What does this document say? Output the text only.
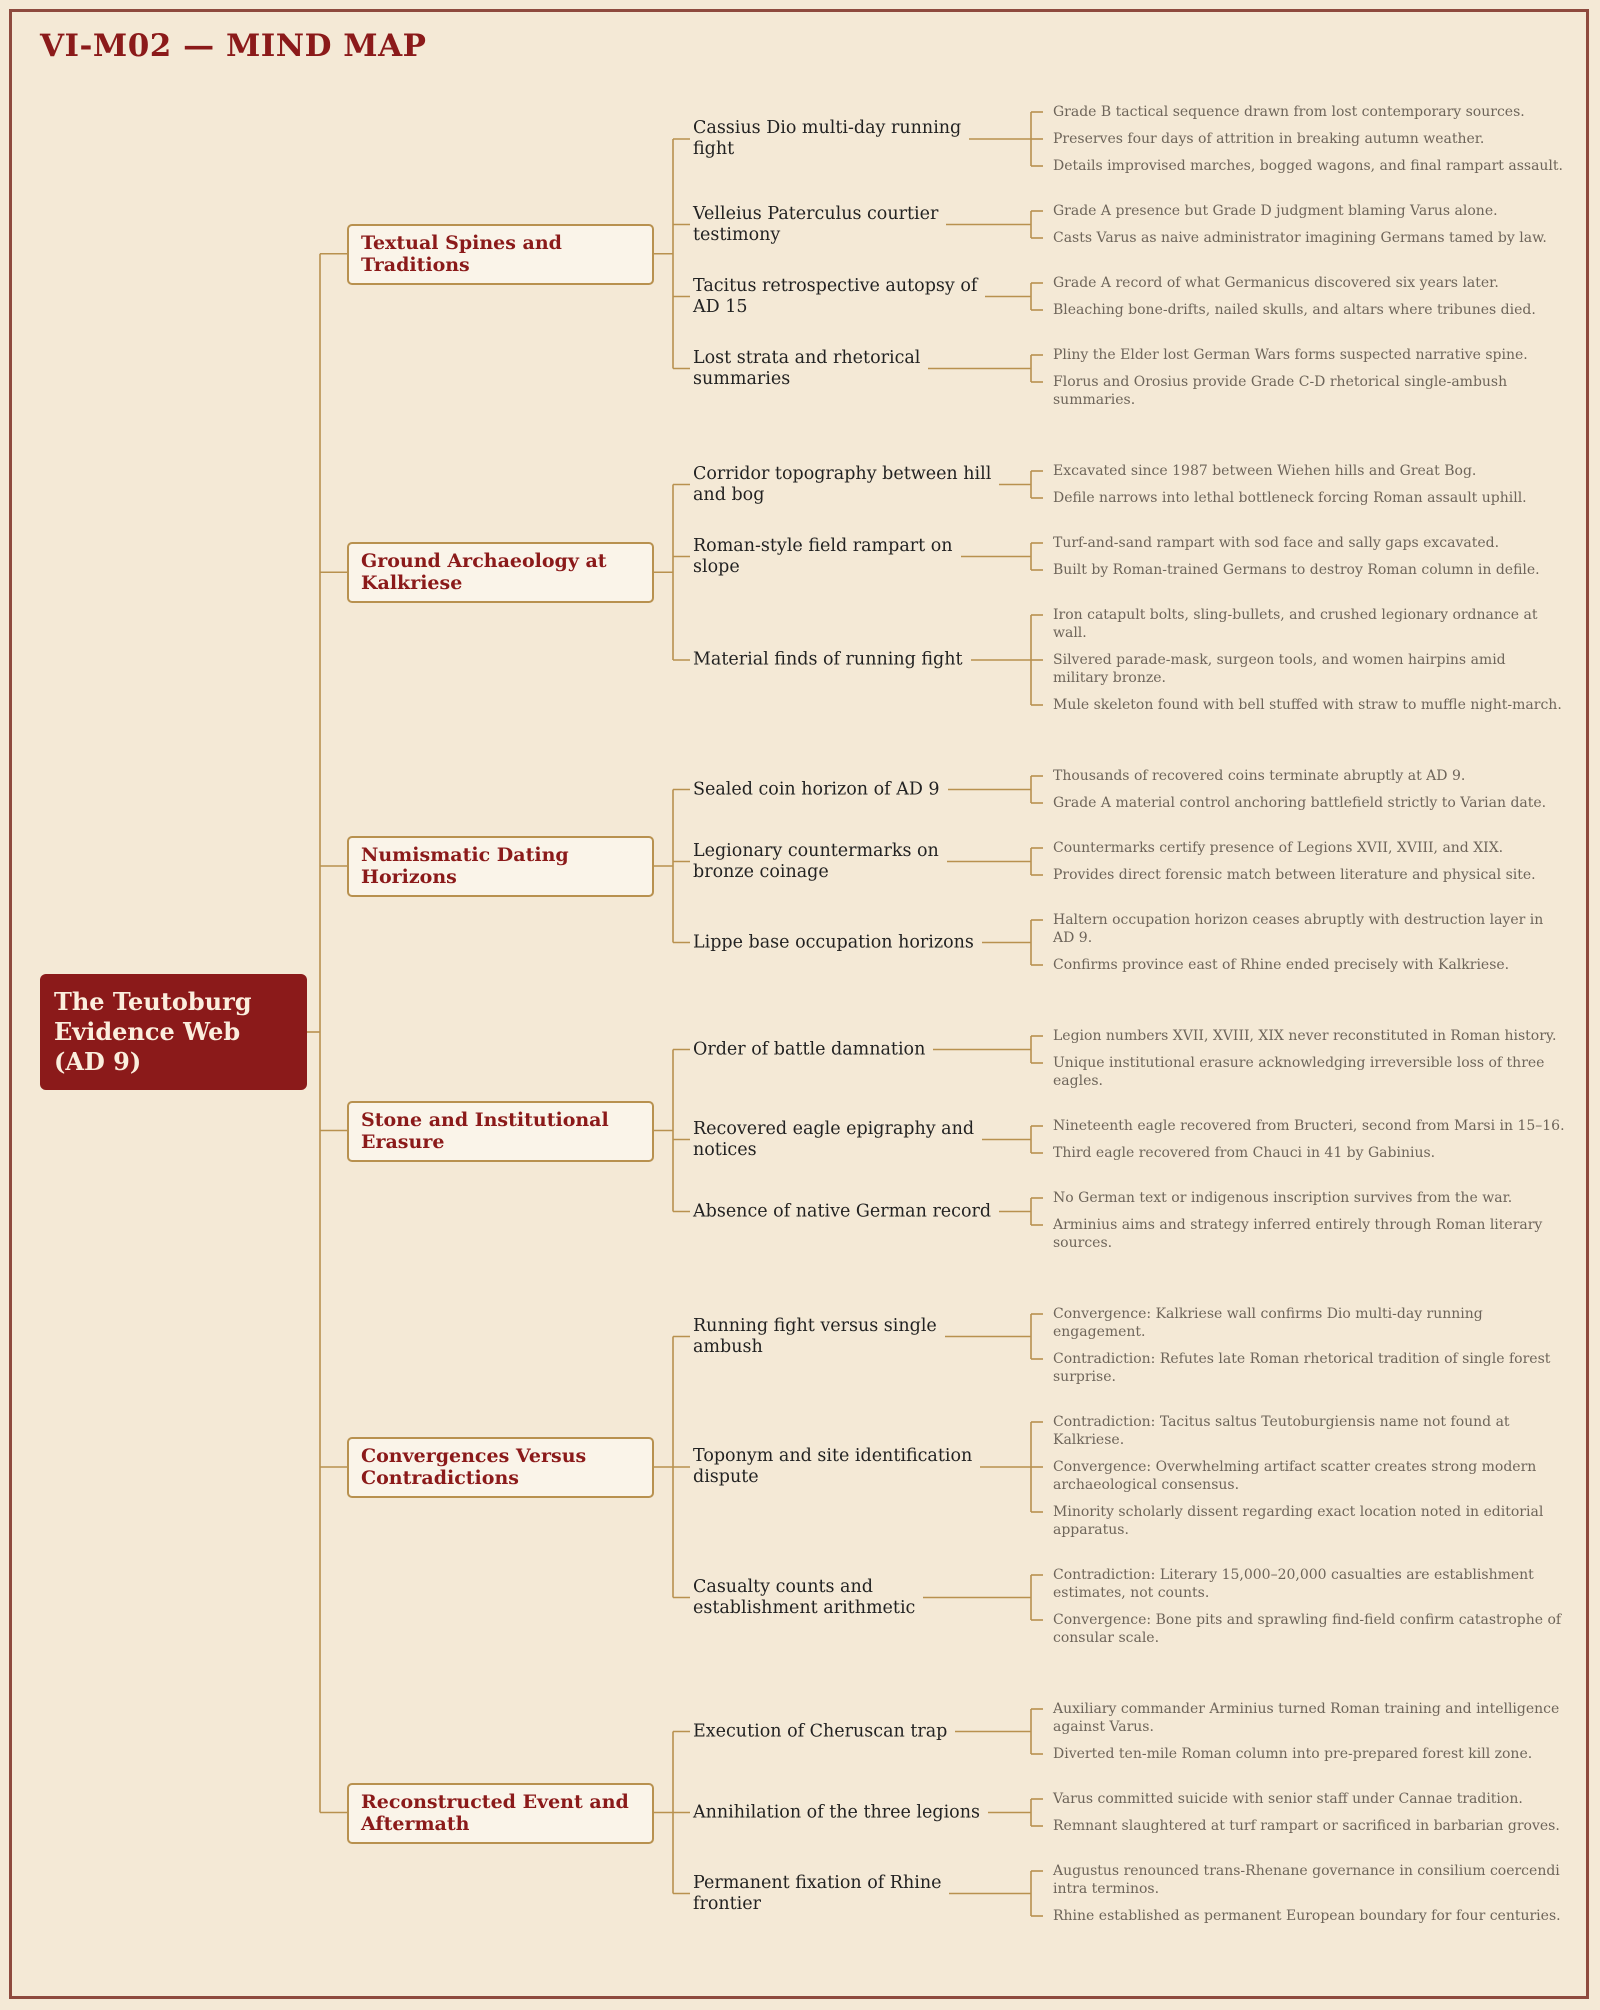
VI-M02 — MIND MAP
The Teutoburg
Evidence Web
(AD 9)
Grade B tactical sequence drawn from lost contemporary sources.
Preserves four days of attrition in breaking autumn weather.
Details improvised marches, bogged wagons, and final rampart assault.
Cassius Dio multi-day running
fight
Grade A presence but Grade D judgment blaming Varus alone.
Casts Varus as naive administrator imagining Germans tamed by law.
Velleius Paterculus courtier
testimony
Grade A record of what Germanicus discovered six years later.
Bleaching bone-drifts, nailed skulls, and altars where tribunes died.
Tacitus retrospective autopsy of
AD 15
Pliny the Elder lost German Wars forms suspected narrative spine.
Florus and Orosius provide Grade C-D rhetorical single-ambush summaries.
Lost strata and rhetorical
summaries
Textual Spines and Traditions
Excavated since 1987 between Wiehen hills and Great Bog.
Defile narrows into lethal bottleneck forcing Roman assault uphill.
Corridor topography between hill
and bog
Turf-and-sand rampart with sod face and sally gaps excavated.
Built by Roman-trained Germans to destroy Roman column in defile.
Roman-style field rampart on
slope
Iron catapult bolts, sling-bullets, and crushed legionary ordnance at wall.
Silvered parade-mask, surgeon tools, and women hairpins amid military bronze.
Mule skeleton found with bell stuffed with straw to muffle night-march.
Material finds of running fight
Ground Archaeology at Kalkriese
Thousands of recovered coins terminate abruptly at AD 9.
Grade A material control anchoring battlefield strictly to Varian date.
Sealed coin horizon of AD 9
Countermarks certify presence of Legions XVII, XVIII, and XIX.
Provides direct forensic match between literature and physical site.
Legionary countermarks on
bronze coinage
Haltern occupation horizon ceases abruptly with destruction layer in AD 9.
Confirms province east of Rhine ended precisely with Kalkriese.
Lippe base occupation horizons
Numismatic Dating Horizons
Legion numbers XVII, XVIII, XIX never reconstituted in Roman history.
Unique institutional erasure acknowledging irreversible loss of three eagles.
Order of battle damnation
Nineteenth eagle recovered from Bructeri, second from Marsi in 15–16.
Third eagle recovered from Chauci in 41 by Gabinius.
Recovered eagle epigraphy and
notices
No German text or indigenous inscription survives from the war.
Arminius aims and strategy inferred entirely through Roman literary sources.
Absence of native German record
Stone and Institutional Erasure
Convergence: Kalkriese wall confirms Dio multi-day running engagement.
Contradiction: Refutes late Roman rhetorical tradition of single forest surprise.
Running fight versus single
ambush
Contradiction: Tacitus saltus Teutoburgiensis name not found at Kalkriese.
Convergence: Overwhelming artifact scatter creates strong modern archaeological consensus.
Minority scholarly dissent regarding exact location noted in editorial apparatus.
Toponym and site identification
dispute
Contradiction: Literary 15,000–20,000 casualties are establishment estimates, not counts.
Convergence: Bone pits and sprawling find-field confirm catastrophe of consular scale.
Casualty counts and
establishment arithmetic
Convergences Versus Contradictions
Auxiliary commander Arminius turned Roman training and intelligence against Varus.
Diverted ten-mile Roman column into pre-prepared forest kill zone.
Execution of Cheruscan trap
Varus committed suicide with senior staff under Cannae tradition.
Remnant slaughtered at turf rampart or sacrificed in barbarian groves.
Annihilation of the three legions
Augustus renounced trans-Rhenane governance in consilium coercendi intra terminos.
Rhine established as permanent European boundary for four centuries.
Permanent fixation of Rhine
frontier
Reconstructed Event and Aftermath
